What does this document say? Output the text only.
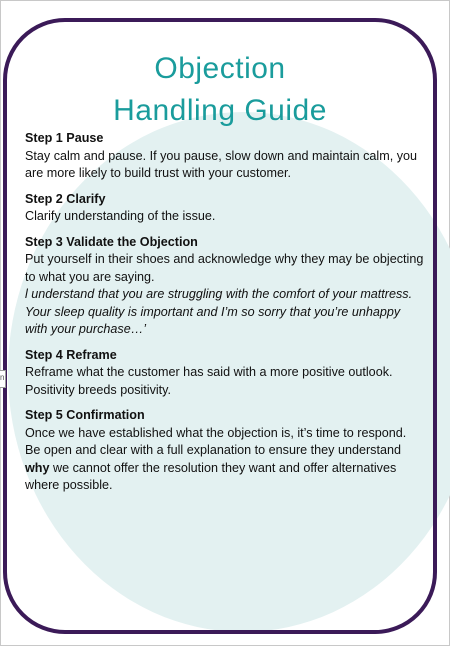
Objection
Handling Guide
Step 1 Pause

Stay calm and pause. If you pause, slow down and maintain calm, you are more likely to build trust with your customer.

Step 2 Clarify

Clarify understanding of the issue.

Step 3 Validate the Objection

Put yourself in their shoes and acknowledge why they may be objecting to what you are saying.

l understand that you are struggling with the comfort of your mattress. Your sleep quality is important and I’m so sorry that you’re unhappy with your purchase…’

Step 4 Reframe

Reframe what the customer has said with a more positive outlook. Positivity breeds positivity.

Step 5 Confirmation

Once we have established what the objection is, it’s time to respond. Be open and clear with a full explanation to ensure they understand why we cannot offer the resolution they want and offer alternatives where possible.

n
